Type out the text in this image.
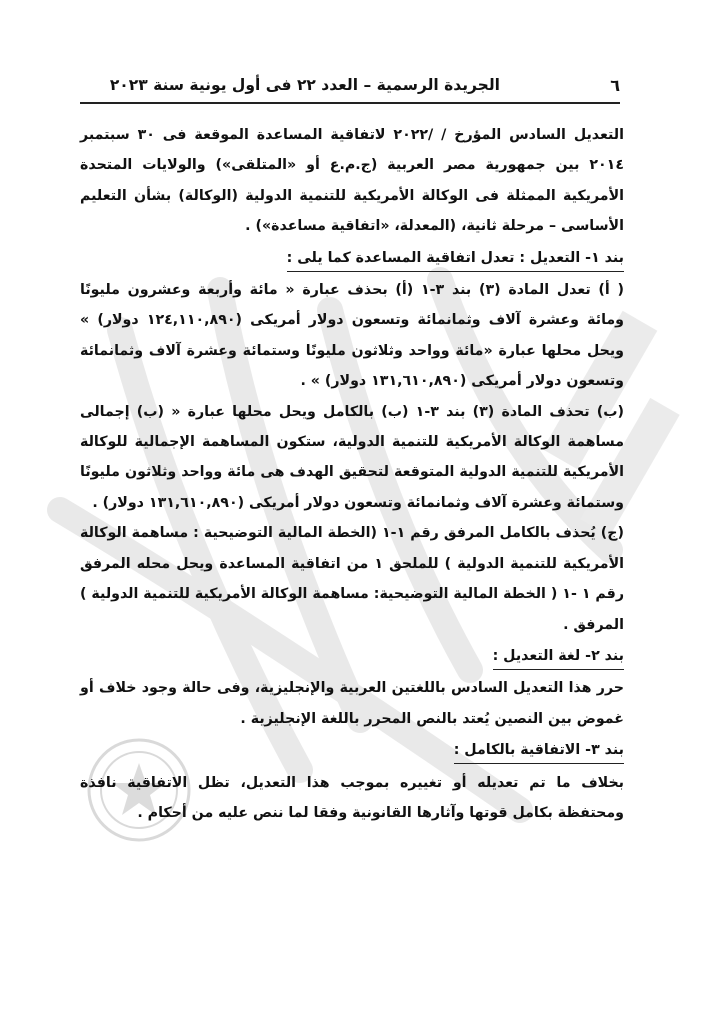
٦
الجريدة الرسمية – العدد ٢٢ فى أول يونية سنة ٢٠٢٣

التعديل السادس المؤرخ / /٢٠٢٢ لاتفاقية المساعدة الموقعة فى ٣٠ سبتمبر ٢٠١٤ بين جمهورية مصر العربية (ج.م.ع أو «المتلقى») والولايات المتحدة الأمريكية الممثلة فى الوكالة الأمريكية للتنمية الدولية (الوكالة) بشأن التعليم الأساسى – مرحلة ثانية، (المعدلة، «اتفاقية مساعدة») .

بند ١- التعديل : تعدل اتفاقية المساعدة كما يلى :

( أ) تعدل المادة (٣) بند ٣-١ (أ) بحذف عبارة « مائة وأربعة وعشرون مليونًا ومائة وعشرة آلاف وثمانمائة وتسعون دولار أمريكى (١٢٤,١١٠,٨٩٠ دولار) » ويحل محلها عبارة «مائة وواحد وثلاثون مليونًا وستمائة وعشرة آلاف وثمانمائة وتسعون دولار أمريكى (١٣١,٦١٠,٨٩٠ دولار) » .

(ب) تحذف المادة (٣) بند ٣-١ (ب) بالكامل ويحل محلها عبارة « (ب) إجمالى مساهمة الوكالة الأمريكية للتنمية الدولية، ستكون المساهمة الإجمالية للوكالة الأمريكية للتنمية الدولية المتوقعة لتحقيق الهدف هى مائة وواحد وثلاثون مليونًا وستمائة وعشرة آلاف وثمانمائة وتسعون دولار أمريكى (١٣١,٦١٠,٨٩٠ دولار) .

(ج) يُحذف بالكامل المرفق رقم ١-١ (الخطة المالية التوضيحية : مساهمة الوكالة الأمريكية للتنمية الدولية ) للملحق ١ من اتفاقية المساعدة ويحل محله المرفق رقم ١ -١ ( الخطة المالية التوضيحية: مساهمة الوكالة الأمريكية للتنمية الدولية ) المرفق .

بند ٢- لغة التعديل :

حرر هذا التعديل السادس باللغتين العربية والإنجليزية، وفى حالة وجود خلاف أو غموض بين النصين يُعتد بالنص المحرر باللغة الإنجليزية .

بند ٣- الاتفاقية بالكامل :

بخلاف ما تم تعديله أو تغييره بموجب هذا التعديل، تظل الاتفاقية نافذة ومحتفظة بكامل قوتها وآثارها القانونية وفقا لما ننص عليه من أحكام .
